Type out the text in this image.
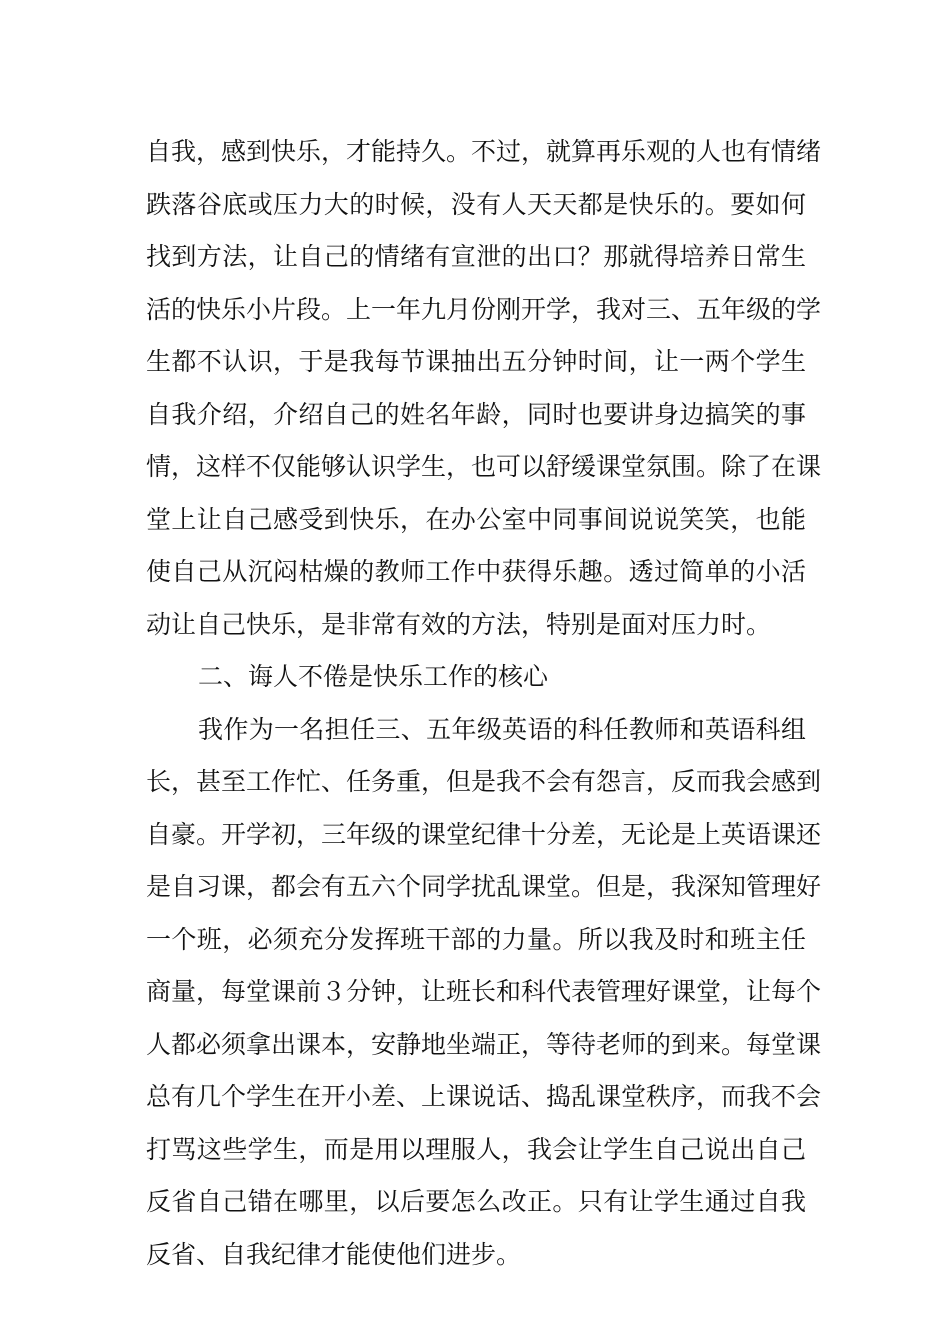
自我，感到快乐，才能持久。不过，就算再乐观的人也有情绪
跌落谷底或压力大的时候，没有人天天都是快乐的。要如何
找到方法，让自己的情绪有宣泄的出口？那就得培养日常生
活的快乐小片段。上一年九月份刚开学，我对三、五年级的学
生都不认识，于是我每节课抽出五分钟时间，让一两个学生
自我介绍，介绍自己的姓名年龄，同时也要讲身边搞笑的事
情，这样不仅能够认识学生，也可以舒缓课堂氛围。除了在课
堂上让自己感受到快乐，在办公室中同事间说说笑笑，也能
使自己从沉闷枯燥的教师工作中获得乐趣。透过简单的小活
动让自己快乐，是非常有效的方法，特别是面对压力时。
二、诲人不倦是快乐工作的核心
我作为一名担任三、五年级英语的科任教师和英语科组
长，甚至工作忙、任务重，但是我不会有怨言，反而我会感到
自豪。开学初，三年级的课堂纪律十分差，无论是上英语课还
是自习课，都会有五六个同学扰乱课堂。但是，我深知管理好
一个班，必须充分发挥班干部的力量。所以我及时和班主任
商量，每堂课前３分钟，让班长和科代表管理好课堂，让每个
人都必须拿出课本，安静地坐端正，等待老师的到来。每堂课
总有几个学生在开小差、上课说话、捣乱课堂秩序，而我不会
打骂这些学生，而是用以理服人，我会让学生自己说出自己
反省自己错在哪里，以后要怎么改正。只有让学生通过自我
反省、自我纪律才能使他们进步。
